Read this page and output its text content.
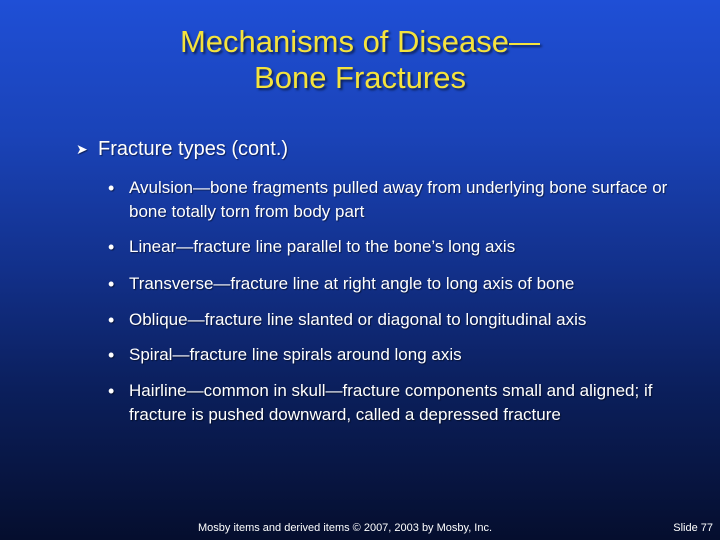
Mechanisms of Disease—
Bone Fractures
➤ Fracture types (cont.)
• Avulsion—bone fragments pulled away from underlying bone surface or bone totally torn from body part
• Linear—fracture line parallel to the bone’s long axis
• Transverse—fracture line at right angle to long axis of bone
• Oblique—fracture line slanted or diagonal to longitudinal axis
• Spiral—fracture line spirals around long axis
• Hairline—common in skull—fracture components small and aligned; if fracture is pushed downward, called a depressed fracture
Mosby items and derived items © 2007, 2003 by Mosby, Inc.	Slide 77
